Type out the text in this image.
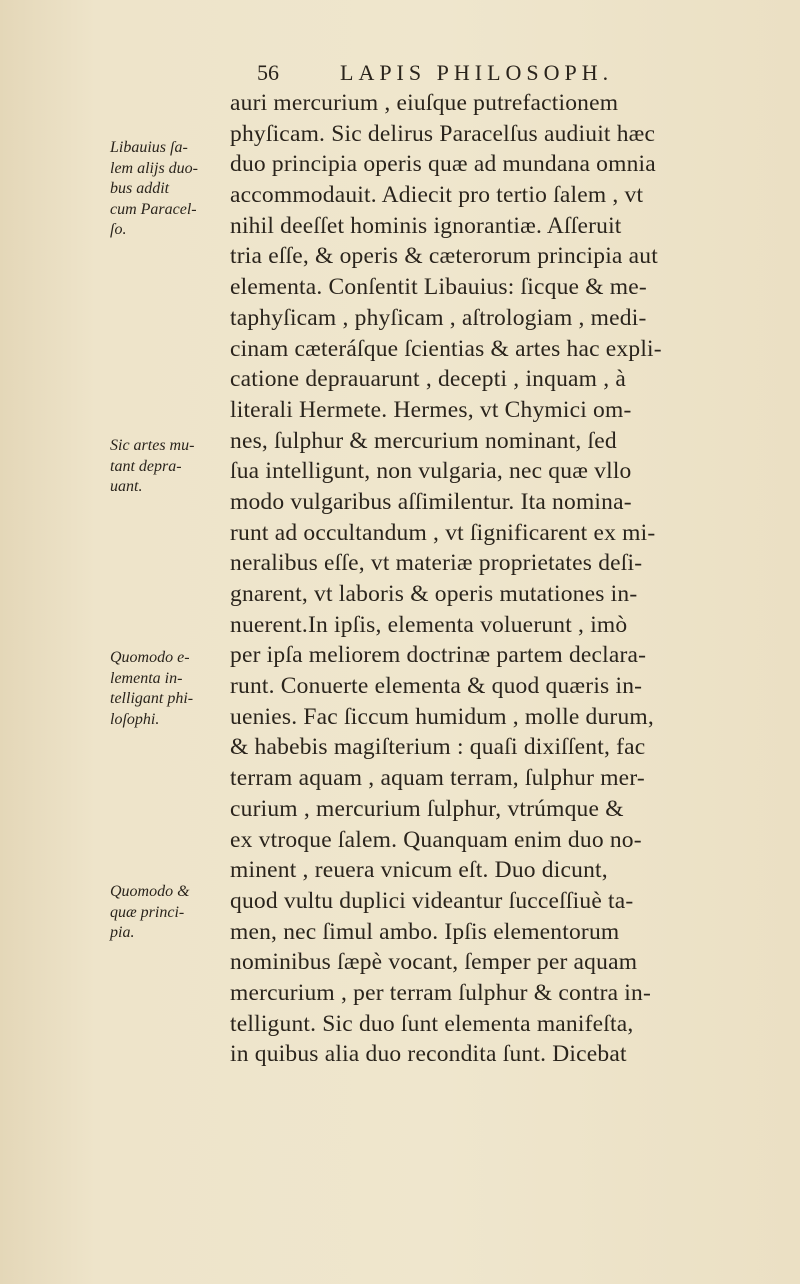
56	LAPIS PHILOSOPH.
Libauius ſa-
lem alijs duo-
bus addit
cum Paracel-
ſo.
Sic artes mu-
tant depra-
uant.
Quomodo e-
lementa in-
telligant phi-
loſophi.
Quomodo &
quæ princi-
pia.
auri mercurium , eiuſque putrefactionem
phyſicam. Sic delirus Paracelſus audiuit hæc
duo principia operis quæ ad mundana omnia
accommodauit. Adiecit pro tertio ſalem , vt
nihil deeſſet hominis ignorantiæ. Aſſeruit
tria eſſe, & operis & cæterorum principia aut
elementa. Conſentit Libauius: ſicque & me-
taphyſicam , phyſicam , aſtrologiam , medi-
cinam cæteráſque ſcientias & artes hac expli-
catione deprauarunt , decepti , inquam , à
literali Hermete. Hermes, vt Chymici om-
nes, ſulphur & mercurium nominant, ſed
ſua intelligunt, non vulgaria, nec quæ vllo
modo vulgaribus aſſimilentur. Ita nomina-
runt ad occultandum , vt ſignificarent ex mi-
neralibus eſſe, vt materiæ proprietates deſi-
gnarent, vt laboris & operis mutationes in-
nuerent.In ipſis, elementa voluerunt , imò
per ipſa meliorem doctrinæ partem declara-
runt. Conuerte elementa & quod quæris in-
uenies. Fac ſiccum humidum , molle durum,
& habebis magiſterium : quaſi dixiſſent, fac
terram aquam , aquam terram, ſulphur mer-
curium , mercurium ſulphur, vtrúmque &
ex vtroque ſalem. Quanquam enim duo no-
minent , reuera vnicum eſt. Duo dicunt,
quod vultu duplici videantur ſucceſſiuè ta-
men, nec ſimul ambo. Ipſis elementorum
nominibus ſæpè vocant, ſemper per aquam
mercurium , per terram ſulphur & contra in-
telligunt. Sic duo ſunt elementa manifeſta,
in quibus alia duo recondita ſunt. Dicebat
